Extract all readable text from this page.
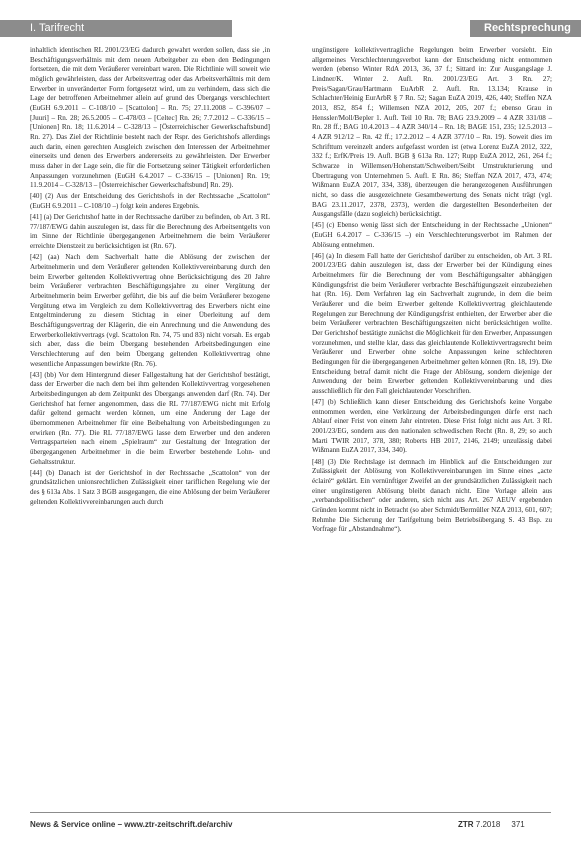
I. Tarifrecht	Rechtsprechung

inhaltlich identischen RL 2001/23/EG dadurch gewahrt werden sollen, dass sie ‚in Beschäftigungsverhältnis mit dem neuen Arbeitgeber zu eben den Bedingungen fortsetzen, die mit dem Veräußerer vereinbart waren. Die Richtlinie will soweit wie möglich gewährleisten, dass der Arbeitsvertrag oder das Arbeitsverhältnis mit dem Erwerber in unveränderter Form fortgesetzt wird, um zu verhindern, dass sich die Lage der betroffenen Arbeitnehmer allein auf grund des Übergangs verschlechtert (EuGH 6.9.2011 – C-108/10 – [Scattolon] – Rn. 75; 27.11.2008 – C-396/07 – [Juuri] – Rn. 28; 26.5.2005 – C-478/03 – [Celtec] Rn. 26; 7.7.2012 – C-336/15 – [Unionen] Rn. 18; 11.6.2014 – C-328/13 – [Österreichischer Gewerkschaftsbund] Rn. 27). Das Ziel der Richtlinie besteht nach der Rspr. des Gerichtshofs allerdings auch darin, einen gerechten Ausgleich zwischen den Interessen der Arbeitnehmer einerseits und denen des Erwerbers andererseits zu gewährleisten. Der Erwerber muss daher in der Lage sein, die für die Fortsetzung seiner Tätigkeit erforderlichen Anpassungen vorzunehmen (EuGH 6.4.2017 – C-336/15 – [Unionen] Rn. 19; 11.9.2014 – C-328/13 – [Österreichischer Gewerkschaftsbund] Rn. 29).

[40] (2) Aus der Entscheidung des Gerichtshofs in der Rechtssache „Scattolon“ (EuGH 6.9.2011 – C-108/10 –) folgt kein anderes Ergebnis.

[41] (a) Der Gerichtshof hatte in der Rechtssache darüber zu befinden, ob Art. 3 RL 77/187/EWG dahin auszulegen ist, dass für die Berechnung des Arbeitsentgelts von im Sinne der Richtlinie übergegangenen Arbeitnehmern die beim Veräußerer erreichte Dienstzeit zu berücksichtigen ist (Rn. 67).

[42] (aa) Nach dem Sachverhalt hatte die Ablösung der zwischen der Arbeitnehmerin und dem Veräußerer geltenden Kollektivvereinbarung durch den beim Erwerber geltenden Kollektivvertrag ohne Berücksichtigung des 20 Jahre beim Veräußerer verbrachten Beschäftigungsjahre zu einer Vergütung der Arbeitnehmerin beim Erwerber geführt, die bis auf die beim Veräußerer bezogene Vergütung etwa im Vergleich zu dem Kollektivvertrag des Erwerbers nicht eine Entgeltminderung zu diesem Stichtag in einer Überleitung auf dem Beschäftigungsvertrag der Klägerin, die ein Anrechnung und die Anwendung des Erwerberkollektivvertrags (vgl. Scattolon Rn. 74, 75 und 83) nicht vorsah. Es ergab sich aber, dass die beim Übergang bestehenden Arbeitsbedingungen eine Verschlechterung auf den beim Übergang geltenden Kollektivvertrag ohne wesentliche Anpassungen bewirkte (Rn. 76).

[43] (bb) Vor dem Hintergrund dieser Fallgestaltung hat der Gerichtshof bestätigt, dass der Erwerber die nach dem bei ihm geltenden Kollektivvertrag vorgesehenen Arbeitsbedingungen ab dem Zeitpunkt des Übergangs anwenden darf (Rn. 74). Der Gerichtshof hat ferner angenommen, dass die RL 77/187/EWG nicht mit Erfolg dafür geltend gemacht werden können, um eine Änderung der Lage der übernommenen Arbeitnehmer für eine Beibehaltung von Arbeitsbedingungen zu erwirken (Rn. 77). Die RL 77/187/EWG lasse dem Erwerber und den anderen Vertragsparteien nach einem „Spielraum“ zur Gestaltung der Integration der übergegangenen Arbeitnehmer in die beim Erwerber bestehende Lohn- und Gehaltsstruktur.

[44] (b) Danach ist der Gerichtshof in der Rechtssache „Scattolon“ von der grundsätzlichen unionsrechtlichen Zulässigkeit einer tariflichen Regelung wie der des § 613a Abs. 1 Satz 3 BGB ausgegangen, die eine Ablösung der beim Veräußerer geltenden Kollektivvereinbarungen auch durch

ungünstigere kollektivvertragliche Regelungen beim Erwerber vorsieht. Ein allgemeines Verschlechterungsverbot kann der Entscheidung nicht entnommen werden (ebenso Winter RdA 2013, 36, 37 f.; Sittard in: Zur Ausgangslage J. Lindner/K. Winter 2. Aufl. Rn. 2001/23/EG Art. 3 Rn. 27; Preis/Sagan/Grau/Hartmann EuArbR 2. Aufl. Rn. 13.134; Krause in Schlachter/Heinig EurArbR § 7 Rn. 52; Sagan EuZA 2019, 426, 440; Steffen NZA 2013, 852, 854 f.; Willemsen NZA 2012, 205, 207 f.; ebenso Grau in Henssler/Moll/Bepler 1. Aufl. Teil 10 Rn. 78; BAG 23.9.2009 – 4 AZR 331/08 – Rn. 28 ff.; BAG 10.4.2013 – 4 AZR 340/14 – Rn. 18; BAGE 151, 235; 12.5.2013 – 4 AZR 912/12 – Rn. 42 ff.; 17.2.2012 – 4 AZR 377/10 – Rn. 19). Soweit dies im Schrifttum vereinzelt anders aufgefasst worden ist (etwa Lorenz EuZA 2012, 322, 332 f.; ErfK/Preis 19. Aufl. BGB § 613a Rn. 127; Rupp EuZA 2012, 261, 264 f.; Schwarze in Willemsen/Hohenstatt/Schweibert/Seibt Umstrukturierung und Übertragung von Unternehmen 5. Aufl. E Rn. 86; Steffan NZA 2017, 473, 474; Wißmann EuZA 2017, 334, 338), überzeugen die herangezogenen Ausführungen nicht, so dass die ausgezeichnete Gesamtbewertung des Senats nicht trägt (vgl. BAG 23.11.2017, 2378, 2373), werden die dargestellten Besonderheiten der Ausgangsfälle (dazu sogleich) berücksichtigt.

[45] (c) Ebenso wenig lässt sich der Entscheidung in der Rechtssache „Unionen“ (EuGH 6.4.2017 – C-336/15 –) ein Verschlechterungsverbot im Rahmen der Ablösung entnehmen.

[46] (a) In diesem Fall hatte der Gerichtshof darüber zu entscheiden, ob Art. 3 RL 2001/23/EG dahin auszulegen ist, dass der Erwerber bei der Kündigung eines Arbeitnehmers für die Berechnung der vom Beschäftigungsalter abhängigen Kündigungsfrist die beim Veräußerer verbrachte Beschäftigungszeit einzubeziehen hat (Rn. 16). Dem Verfahren lag ein Sachverhalt zugrunde, in dem die beim Veräußerer und die beim Erwerber geltende Kollektivvertrag gleichlautende Regelungen zur Berechnung der Kündigungsfrist enthielten, der Erwerber aber die beim Veräußerer verbrachten Beschäftigungszeiten nicht berücksichtigen wollte. Der Gerichtshof bestätigte zunächst die Möglichkeit für den Erwerber, Anpassungen vorzunehmen, und stellte klar, dass das gleichlautende Kollektivvertragsrecht beim Veräußerer und Erwerber ohne solche Anpassungen keine schlechteren Bedingungen für die übergegangenen Arbeitnehmer gelten können (Rn. 18, 19). Die Entscheidung betraf damit nicht die Frage der Ablösung, sondern diejenige der Anwendung der beim Erwerber geltenden Kollektivvereinbarung und dies ausschließlich für den Fall gleichlautender Vorschriften.

[47] (b) Schließlich kann dieser Entscheidung des Gerichtshofs keine Vorgabe entnommen werden, eine Verkürzung der Arbeitsbedingungen dürfe erst nach Ablauf einer Frist von einem Jahr eintreten. Diese Frist folgt nicht aus Art. 3 RL 2001/23/EG, sondern aus den nationalen schwedischen Recht (Rn. 8, 29; so auch Marti TWIR 2017, 378, 380; Roberts HB 2017, 2146, 2149; unzulässig dabei Wißmann EuZA 2017, 334, 340).

[48] (3) Die Rechtslage ist demnach im Hinblick auf die Entscheidungen zur Zulässigkeit der Ablösung von Kollektivvereinbarungen im Sinne eines „acte éclairé“ geklärt. Ein vernünftiger Zweifel an der grundsätzlichen Zulässigkeit nach einer ungünstigeren Ablösung bleibt danach nicht. Eine Vorlage allein aus „verbandspolitischen“ oder anderen, sich nicht aus Art. 267 AEUV ergebenden Gründen kommt nicht in Betracht (so aber Schmidt/Bermüller NZA 2013, 601, 607; Rehmhe Die Sicherung der Tarifgeltung beim Betriebsübergang S. 43 Bsp. zu Vorfrage für „Abstandnahme“).

News & Service online – www.ztr-zeitschrift.de/archiv	ZTR 7.2018 371
